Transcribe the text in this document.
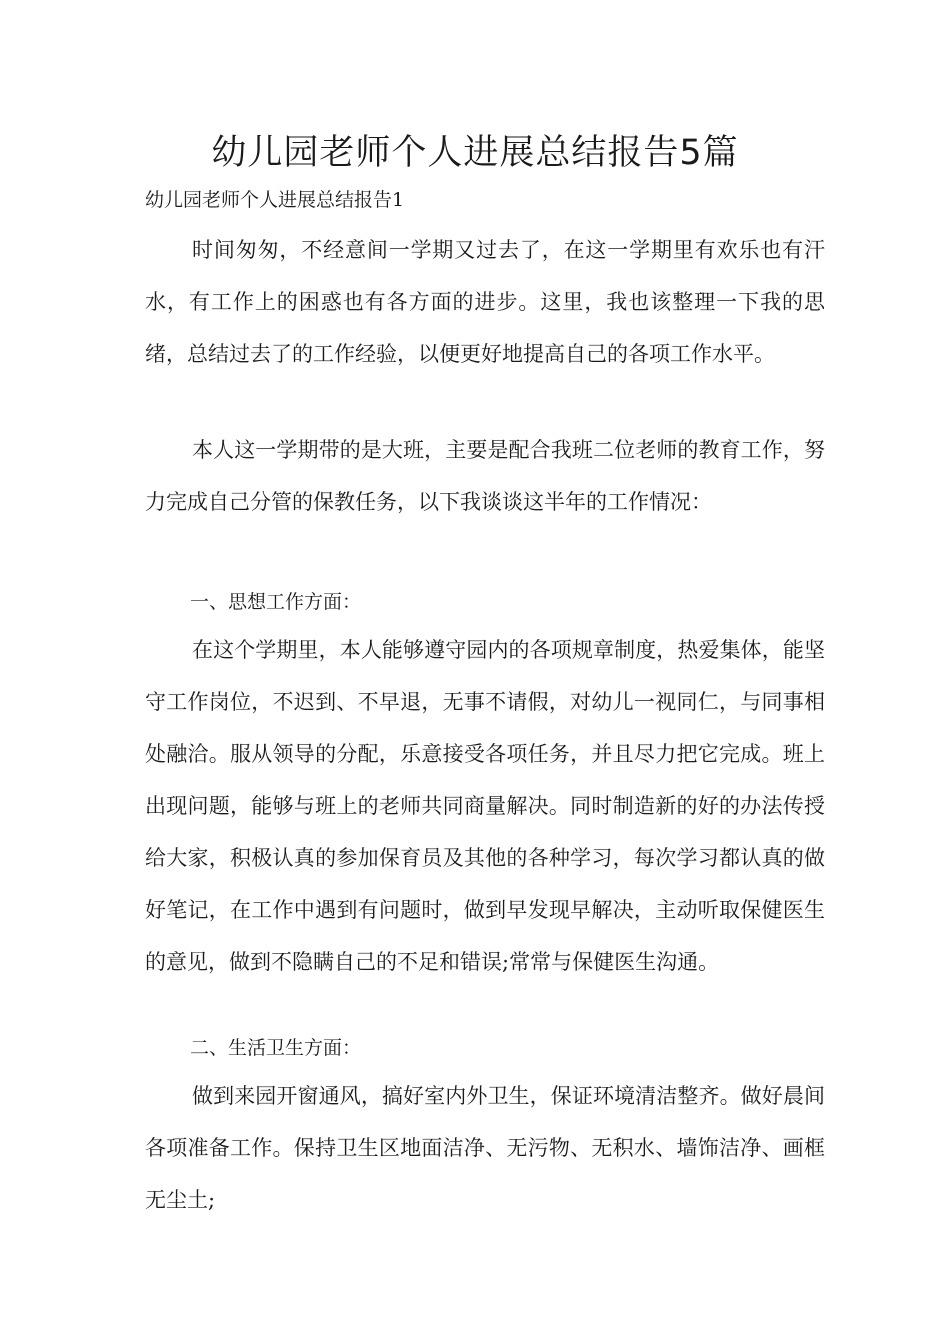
幼儿园老师个人进展总结报告5篇

幼儿园老师个人进展总结报告1

时间匆匆，不经意间一学期又过去了，在这一学期里有欢乐也有汗水，有工作上的困惑也有各方面的进步。这里，我也该整理一下我的思绪，总结过去了的工作经验，以便更好地提高自己的各项工作水平。

本人这一学期带的是大班，主要是配合我班二位老师的教育工作，努力完成自己分管的保教任务，以下我谈谈这半年的工作情况：

一、思想工作方面：

在这个学期里，本人能够遵守园内的各项规章制度，热爱集体，能坚守工作岗位，不迟到、不早退，无事不请假，对幼儿一视同仁，与同事相处融洽。服从领导的分配，乐意接受各项任务，并且尽力把它完成。班上出现问题，能够与班上的老师共同商量解决。同时制造新的好的办法传授给大家，积极认真的参加保育员及其他的各种学习，每次学习都认真的做好笔记，在工作中遇到有问题时，做到早发现早解决，主动听取保健医生的意见，做到不隐瞒自己的不足和错误;常常与保健医生沟通。

二、生活卫生方面：

做到来园开窗通风，搞好室内外卫生，保证环境清洁整齐。做好晨间各项准备工作。保持卫生区地面洁净、无污物、无积水、墙饰洁净、画框无尘土;
